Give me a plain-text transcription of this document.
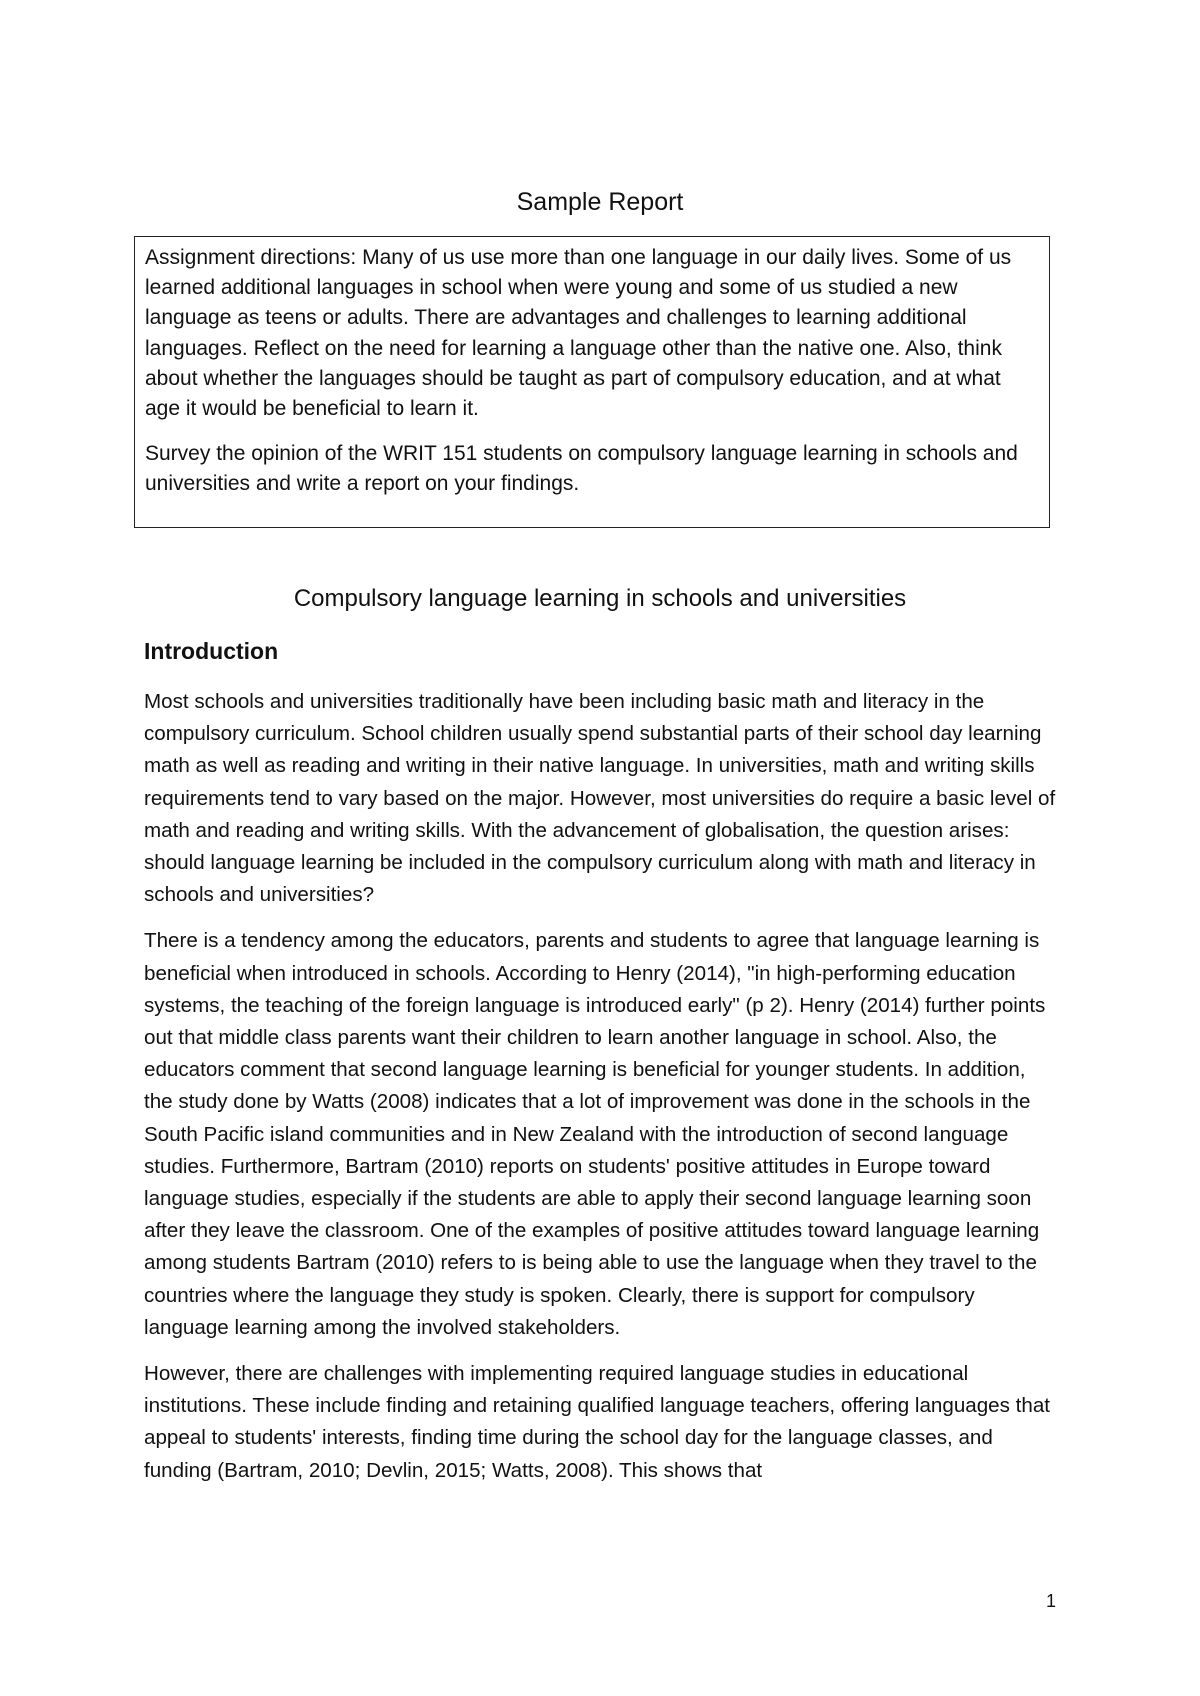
Sample Report

Assignment directions: Many of us use more than one language in our daily lives. Some of us learned additional languages in school when were young and some of us studied a new language as teens or adults. There are advantages and challenges to learning additional languages. Reflect on the need for learning a language other than the native one. Also, think about whether the languages should be taught as part of compulsory education, and at what age it would be beneficial to learn it.

Survey the opinion of the WRIT 151 students on compulsory language learning in schools and universities and write a report on your findings.

Compulsory language learning in schools and universities
Introduction

Most schools and universities traditionally have been including basic math and literacy in the compulsory curriculum. School children usually spend substantial parts of their school day learning math as well as reading and writing in their native language. In universities, math and writing skills requirements tend to vary based on the major. However, most universities do require a basic level of math and reading and writing skills. With the advancement of globalisation, the question arises: should language learning be included in the compulsory curriculum along with math and literacy in schools and universities?

There is a tendency among the educators, parents and students to agree that language learning is beneficial when introduced in schools. According to Henry (2014), "in high-performing education systems, the teaching of the foreign language is introduced early" (p 2). Henry (2014) further points out that middle class parents want their children to learn another language in school. Also, the educators comment that second language learning is beneficial for younger students. In addition, the study done by Watts (2008) indicates that a lot of improvement was done in the schools in the South Pacific island communities and in New Zealand with the introduction of second language studies. Furthermore, Bartram (2010) reports on students' positive attitudes in Europe toward language studies, especially if the students are able to apply their second language learning soon after they leave the classroom. One of the examples of positive attitudes toward language learning among students Bartram (2010) refers to is being able to use the language when they travel to the countries where the language they study is spoken. Clearly, there is support for compulsory language learning among the involved stakeholders.

However, there are challenges with implementing required language studies in educational institutions. These include finding and retaining qualified language teachers, offering languages that appeal to students' interests, finding time during the school day for the language classes, and funding (Bartram, 2010; Devlin, 2015; Watts, 2008). This shows that

1
